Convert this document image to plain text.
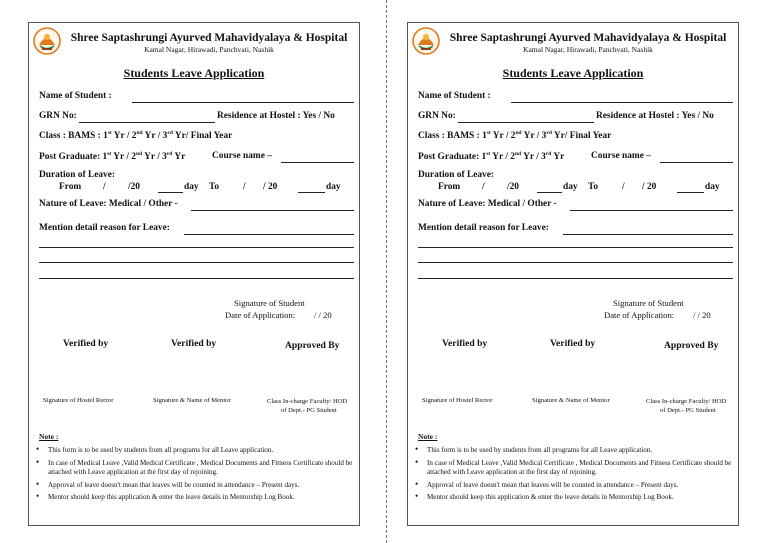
Shree Saptashrungi Ayurved Mahavidyalaya & Hospital
Kamal Nagar, Hirawadi, Panchvati, Nashik
Students Leave Application
Name of Student :
GRN No:	Residence at Hostel : Yes / No
Class : BAMS : 1st Yr / 2nd Yr / 3rd Yr/ Final Year
Post Graduate: 1st Yr / 2nd Yr / 3rd Yr	Course name –
Duration of Leave:
From / /20	day To	/ / 20	day
Nature of Leave: Medical / Other -
Mention detail reason for Leave:
Signature of Student
Date of Application: / / 20
Verified by	Verified by	Approved By
Signature of Hostel Rector	Signature & Name of Mentor	Class In-charge Faculty/ HOD
of Dept.- PG Student
Note :
• This form is to be used by students from all programs for all Leave application.
• In case of Medical Leave ,Valid Medical Certificate , Medical Documents and Fitness Certificate should be attached with Leave application at the first day of rejoining.
• Approval of leave doesn't mean that leaves will be counted in attendance – Present days.
• Mentor should keep this application & enter the leave details in Mentorship Log Book.
Shree Saptashrungi Ayurved Mahavidyalaya & Hospital
Kamal Nagar, Hirawadi, Panchvati, Nashik
Students Leave Application
Name of Student :
GRN No:	Residence at Hostel : Yes / No
Class : BAMS : 1st Yr / 2nd Yr / 3rd Yr/ Final Year
Post Graduate: 1st Yr / 2nd Yr / 3rd Yr	Course name –
Duration of Leave:
From / /20	day To	/ / 20	day
Nature of Leave: Medical / Other -
Mention detail reason for Leave:
Signature of Student
Date of Application: / / 20
Verified by	Verified by	Approved By
Signature of Hostel Rector	Signature & Name of Mentor	Class In-charge Faculty/ HOD
of Dept.- PG Student
Note :
• This form is to be used by students from all programs for all Leave application.
• In case of Medical Leave ,Valid Medical Certificate , Medical Documents and Fitness Certificate should be attached with Leave application at the first day of rejoining.
• Approval of leave doesn't mean that leaves will be counted in attendance – Present days.
• Mentor should keep this application & enter the leave details in Mentorship Log Book.
